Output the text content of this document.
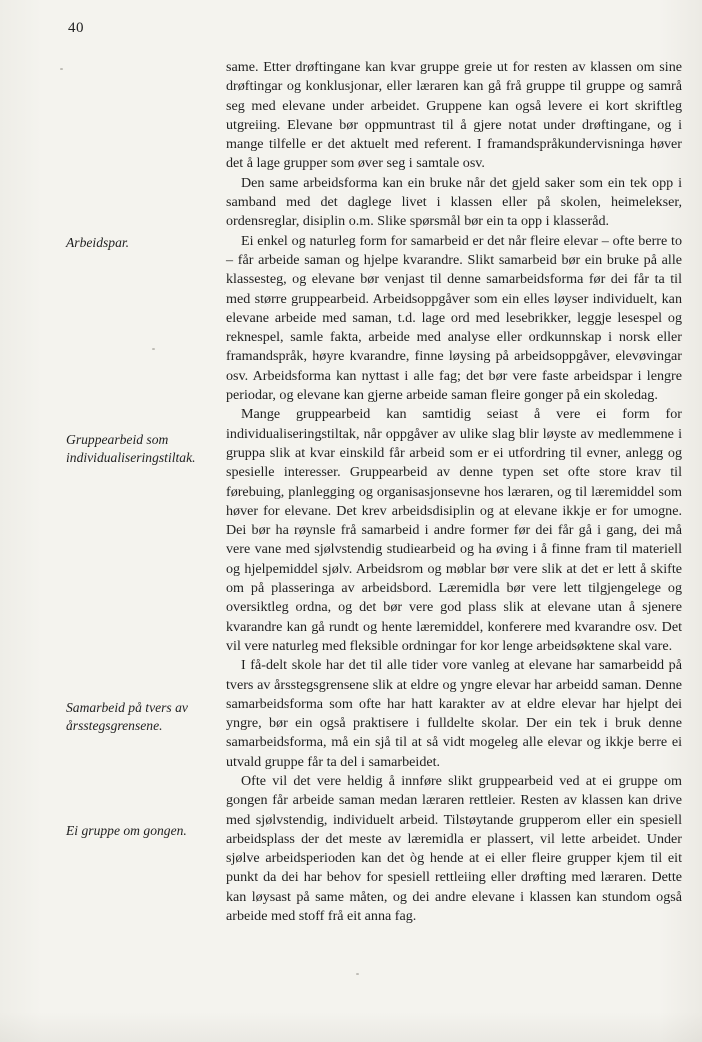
40
Arbeidspar.
Gruppearbeid som
individualiseringstiltak.
Samarbeid på tvers av
årsstegsgrensene.
Ei gruppe om gongen.

same. Etter drøftingane kan kvar gruppe greie ut for resten av klassen om sine drøftingar og konklusjonar, eller læraren kan gå frå gruppe til gruppe og samrå seg med elevane under arbeidet. Gruppene kan også levere ei kort skriftleg utgreiing. Elevane bør oppmuntrast til å gjere notat under drøftingane, og i mange tilfelle er det aktuelt med referent. I framandspråkundervisninga høver det å lage grupper som øver seg i samtale osv.

Den same arbeidsforma kan ein bruke når det gjeld saker som ein tek opp i samband med det daglege livet i klassen eller på skolen, heimelekser, ordensreglar, disiplin o.m. Slike spørsmål bør ein ta opp i klasseråd.

Ei enkel og naturleg form for samarbeid er det når fleire elevar – ofte berre to – får arbeide saman og hjelpe kvarandre. Slikt samarbeid bør ein bruke på alle klassesteg, og elevane bør venjast til denne samarbeidsforma før dei får ta til med større gruppearbeid. Arbeidsoppgåver som ein elles løyser individuelt, kan elevane arbeide med saman, t.d. lage ord med lesebrikker, leggje lesespel og reknespel, samle fakta, arbeide med analyse eller ordkunnskap i norsk eller framandspråk, høyre kvarandre, finne løysing på arbeidsoppgåver, elevøvingar osv. Arbeidsforma kan nyttast i alle fag; det bør vere faste arbeidspar i lengre periodar, og elevane kan gjerne arbeide saman fleire gonger på ein skoledag.

Mange gruppearbeid kan samtidig seiast å vere ei form for individualiseringstiltak, når oppgåver av ulike slag blir løyste av medlemmene i gruppa slik at kvar einskild får arbeid som er ei utfordring til evner, anlegg og spesielle interesser. Gruppearbeid av denne typen set ofte store krav til førebuing, planlegging og organisasjonsevne hos læraren, og til læremiddel som høver for elevane. Det krev arbeidsdisiplin og at elevane ikkje er for umogne. Dei bør ha røynsle frå samarbeid i andre former før dei får gå i gang, dei må vere vane med sjølvstendig studiearbeid og ha øving i å finne fram til materiell og hjelpemiddel sjølv. Arbeidsrom og møblar bør vere slik at det er lett å skifte om på plasseringa av arbeidsbord. Læremidla bør vere lett tilgjengelege og oversiktleg ordna, og det bør vere god plass slik at elevane utan å sjenere kvarandre kan gå rundt og hente læremiddel, konferere med kvarandre osv. Det vil vere naturleg med fleksible ordningar for kor lenge arbeidsøktene skal vare.

I få-delt skole har det til alle tider vore vanleg at elevane har samarbeidd på tvers av årsstegsgrensene slik at eldre og yngre elevar har arbeidd saman. Denne samarbeidsforma som ofte har hatt karakter av at eldre elevar har hjelpt dei yngre, bør ein også praktisere i fulldelte skolar. Der ein tek i bruk denne samarbeidsforma, må ein sjå til at så vidt mogeleg alle elevar og ikkje berre ei utvald gruppe får ta del i samarbeidet.

Ofte vil det vere heldig å innføre slikt gruppearbeid ved at ei gruppe om gongen får arbeide saman medan læraren rettleier. Resten av klassen kan drive med sjølvstendig, individuelt arbeid. Tilstøytande grupperom eller ein spesiell arbeidsplass der det meste av læremidla er plassert, vil lette arbeidet. Under sjølve arbeidsperioden kan det òg hende at ei eller fleire grupper kjem til eit punkt da dei har behov for spesiell rettleiing eller drøfting med læraren. Dette kan løysast på same måten, og dei andre elevane i klassen kan stundom også arbeide med stoff frå eit anna fag.
